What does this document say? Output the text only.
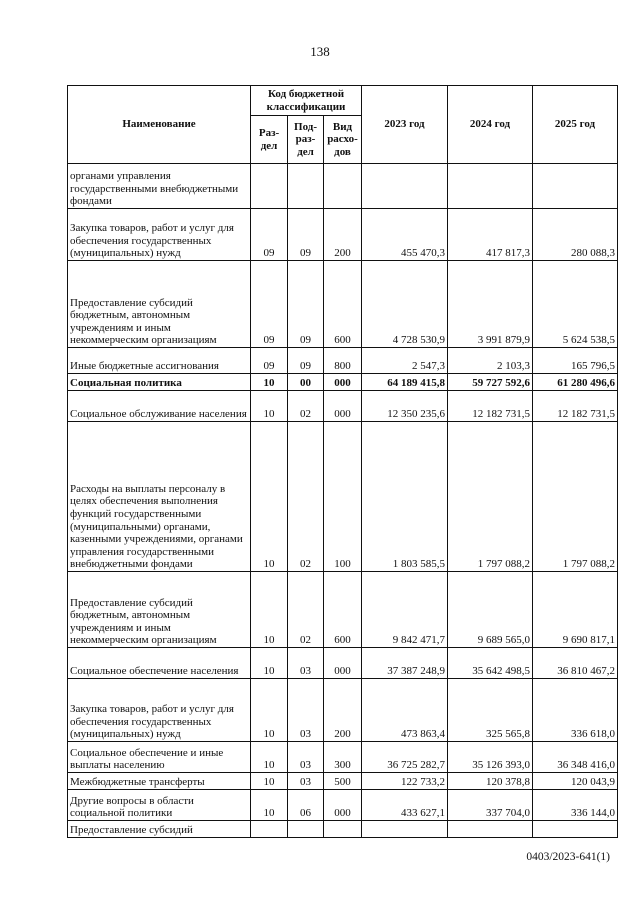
138
Наименование	Код бюджетной классификации			2023 год	2024 год	2025 год
	Раз-дел	Под-раз-дел	Вид расхо-дов			
органами управления государственными внебюджетными фондами						
Закупка товаров, работ и услуг для обеспечения государственных (муниципальных) нужд	09	09	200	455 470,3	417 817,3	280 088,3
Предоставление субсидий бюджетным, автономным учреждениям и иным некоммерческим организациям	09	09	600	4 728 530,9	3 991 879,9	5 624 538,5
Иные бюджетные ассигнования	09	09	800	2 547,3	2 103,3	165 796,5
Социальная политика	10	00	000	64 189 415,8	59 727 592,6	61 280 496,6
Социальное обслуживание населения	10	02	000	12 350 235,6	12 182 731,5	12 182 731,5
Расходы на выплаты персоналу в целях обеспечения выполнения функций государственными (муниципальными) органами, казенными учреждениями, органами управления государственными внебюджетными фондами	10	02	100	1 803 585,5	1 797 088,2	1 797 088,2
Предоставление субсидий бюджетным, автономным учреждениям и иным некоммерческим организациям	10	02	600	9 842 471,7	9 689 565,0	9 690 817,1
Социальное обеспечение населения	10	03	000	37 387 248,9	35 642 498,5	36 810 467,2
Закупка товаров, работ и услуг для обеспечения государственных (муниципальных) нужд	10	03	200	473 863,4	325 565,8	336 618,0
Социальное обеспечение и иные выплаты населению	10	03	300	36 725 282,7	35 126 393,0	36 348 416,0
Межбюджетные трансферты	10	03	500	122 733,2	120 378,8	120 043,9
Другие вопросы в области социальной политики	10	06	000	433 627,1	337 704,0	336 144,0
Предоставление субсидий						
0403/2023-641(1)
